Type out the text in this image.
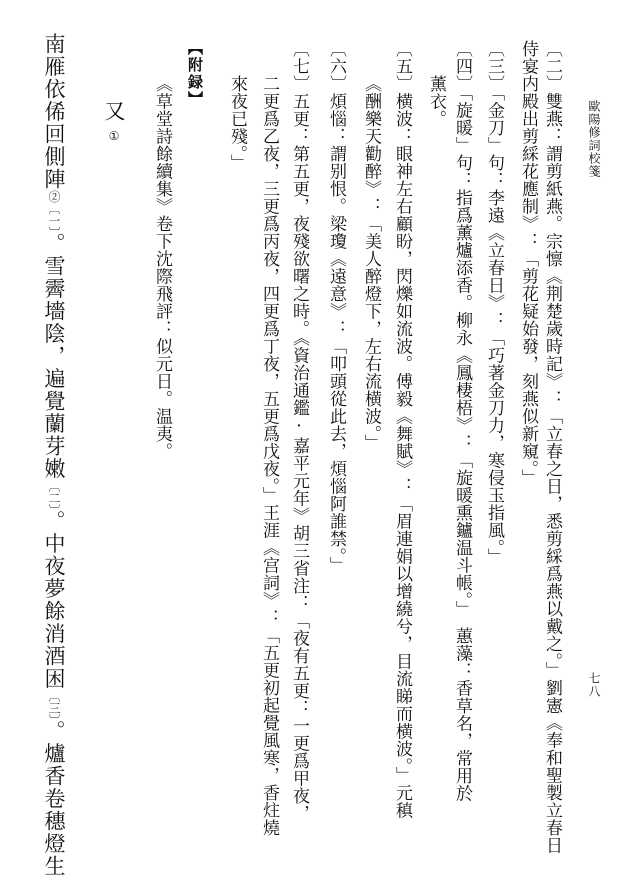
歐陽修詞校箋
七八
〔二〕雙燕：謂剪紙燕。宗懔《荆楚歲時記》：「立春之日，悉剪綵爲燕以戴之。」劉憲《奉和聖製立春日
侍宴内殿出剪綵花應制》：「剪花疑始發，刻燕似新窺。」
〔三〕「金刀」句：李遠《立春日》：「巧著金刀力，寒侵玉指風。」
〔四〕「旋暖」句：指爲薰爐添香。柳永《鳳棲梧》：「旋暖熏鑪温斗帳。」　蕙藻：香草名，常用於
薰衣。
〔五〕横波：眼神左右顧盼，閃爍如流波。傅毅《舞賦》：「眉連娟以增繞兮，目流睇而横波。」元稹
《酬樂天勸醉》：「美人醉燈下，左右流横波。」
〔六〕煩惱：謂别恨。梁瓊《遠意》：「叩頭從此去，煩惱阿誰禁。」
〔七〕五更：第五更，夜殘欲曙之時。《資治通鑑·嘉平元年》胡三省注：「夜有五更：一更爲甲夜，
二更爲乙夜，三更爲丙夜，四更爲丁夜，五更爲戊夜。」王涯《宫詞》：「五更初起覺風寒，香炷燒
來夜已殘。」
【附録】
《草堂詩餘續集》卷下沈際飛評：似元日。温夷。
又①
南雁依俙回側陣②〔一〕。雪霽墻陰，遍覺蘭芽嫩〔二〕。中夜夢餘消酒困〔三〕。爐香卷穗燈生
